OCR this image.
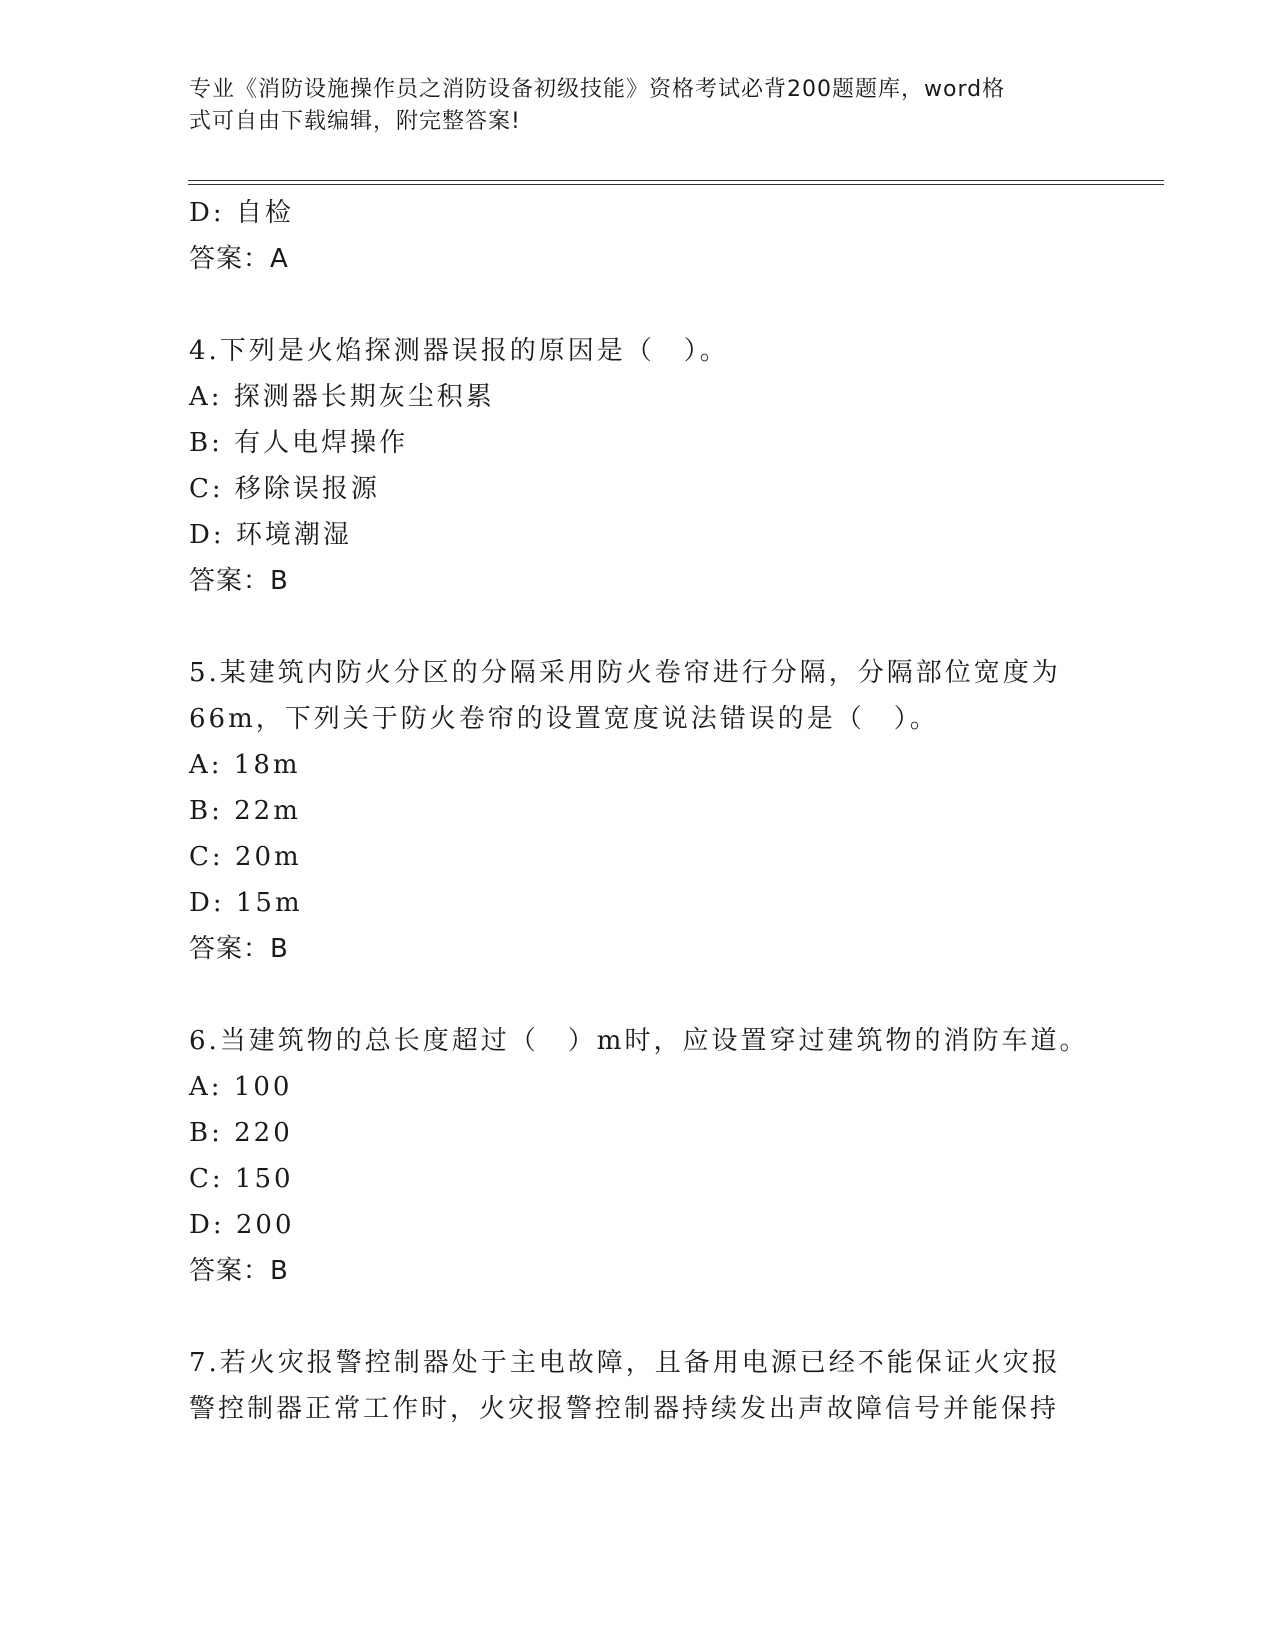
专业《消防设施操作员之消防设备初级技能》资格考试必背200题题库，word格
式可自由下载编辑，附完整答案!
D: 自检
答案：A
4.下列是火焰探测器误报的原因是（　）。
A: 探测器长期灰尘积累
B: 有人电焊操作
C: 移除误报源
D: 环境潮湿
答案：B
5.某建筑内防火分区的分隔采用防火卷帘进行分隔，分隔部位宽度为66m，下列关于防火卷帘的设置宽度说法错误的是（　）。
A: 18m
B: 22m
C: 20m
D: 15m
答案：B
6.当建筑物的总长度超过（　）m时，应设置穿过建筑物的消防车道。
A: 100
B: 220
C: 150
D: 200
答案：B
7.若火灾报警控制器处于主电故障，且备用电源已经不能保证火灾报警控制器正常工作时，火灾报警控制器持续发出声故障信号并能保持
